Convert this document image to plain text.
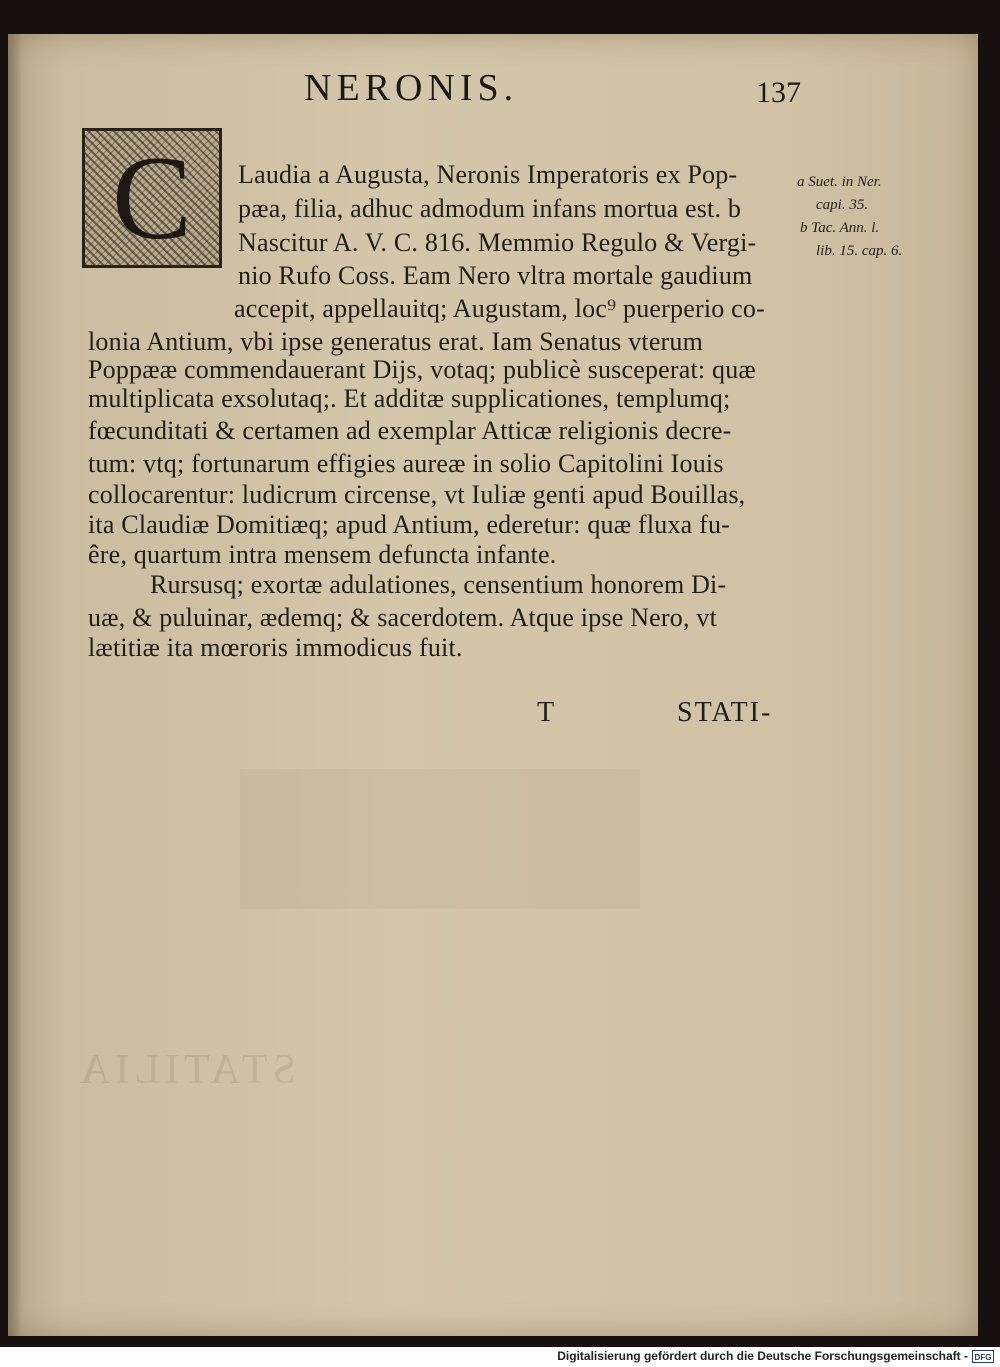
NERONIS.	137
C	Laudia a Augusta, Neronis Imperatoris ex Pop-
pæa, filia, adhuc admodum infans mortua est. b
Nascitur A. V. C. 816. Memmio Regulo & Vergi-
nio Rufo Coss. Eam Nero vltra mortale gaudium
accepit, appellauitq; Augustam, loc⁹ puerperio co-
lonia Antium, vbi ipse generatus erat. Iam Senatus vterum
Poppææ commendauerant Dijs, votaq; publicè susceperat: quæ
multiplicata exsolutaq;. Et additæ supplicationes, templumq;
fœcunditati & certamen ad exemplar Atticæ religionis decre-
tum: vtq; fortunarum effigies aureæ in solio Capitolini Iouis
collocarentur: ludicrum circense, vt Iuliæ genti apud Bouillas,
ita Claudiæ Domitiæq; apud Antium, ederetur: quæ fluxa fu-
êre, quartum intra mensem defuncta infante.
Rursusq; exortæ adulationes, censentium honorem Di-
uæ, & puluinar, ædemq; & sacerdotem. Atque ipse Nero, vt
lætitiæ ita mœroris immodicus fuit.
a Suet. in Ner.
capi. 35.
b Tac. Ann. l.
lib. 15. cap. 6.
T	STATI-
STATILIA
Digitalisierung gefördert durch die Deutsche Forschungsgemeinschaft - DFG
